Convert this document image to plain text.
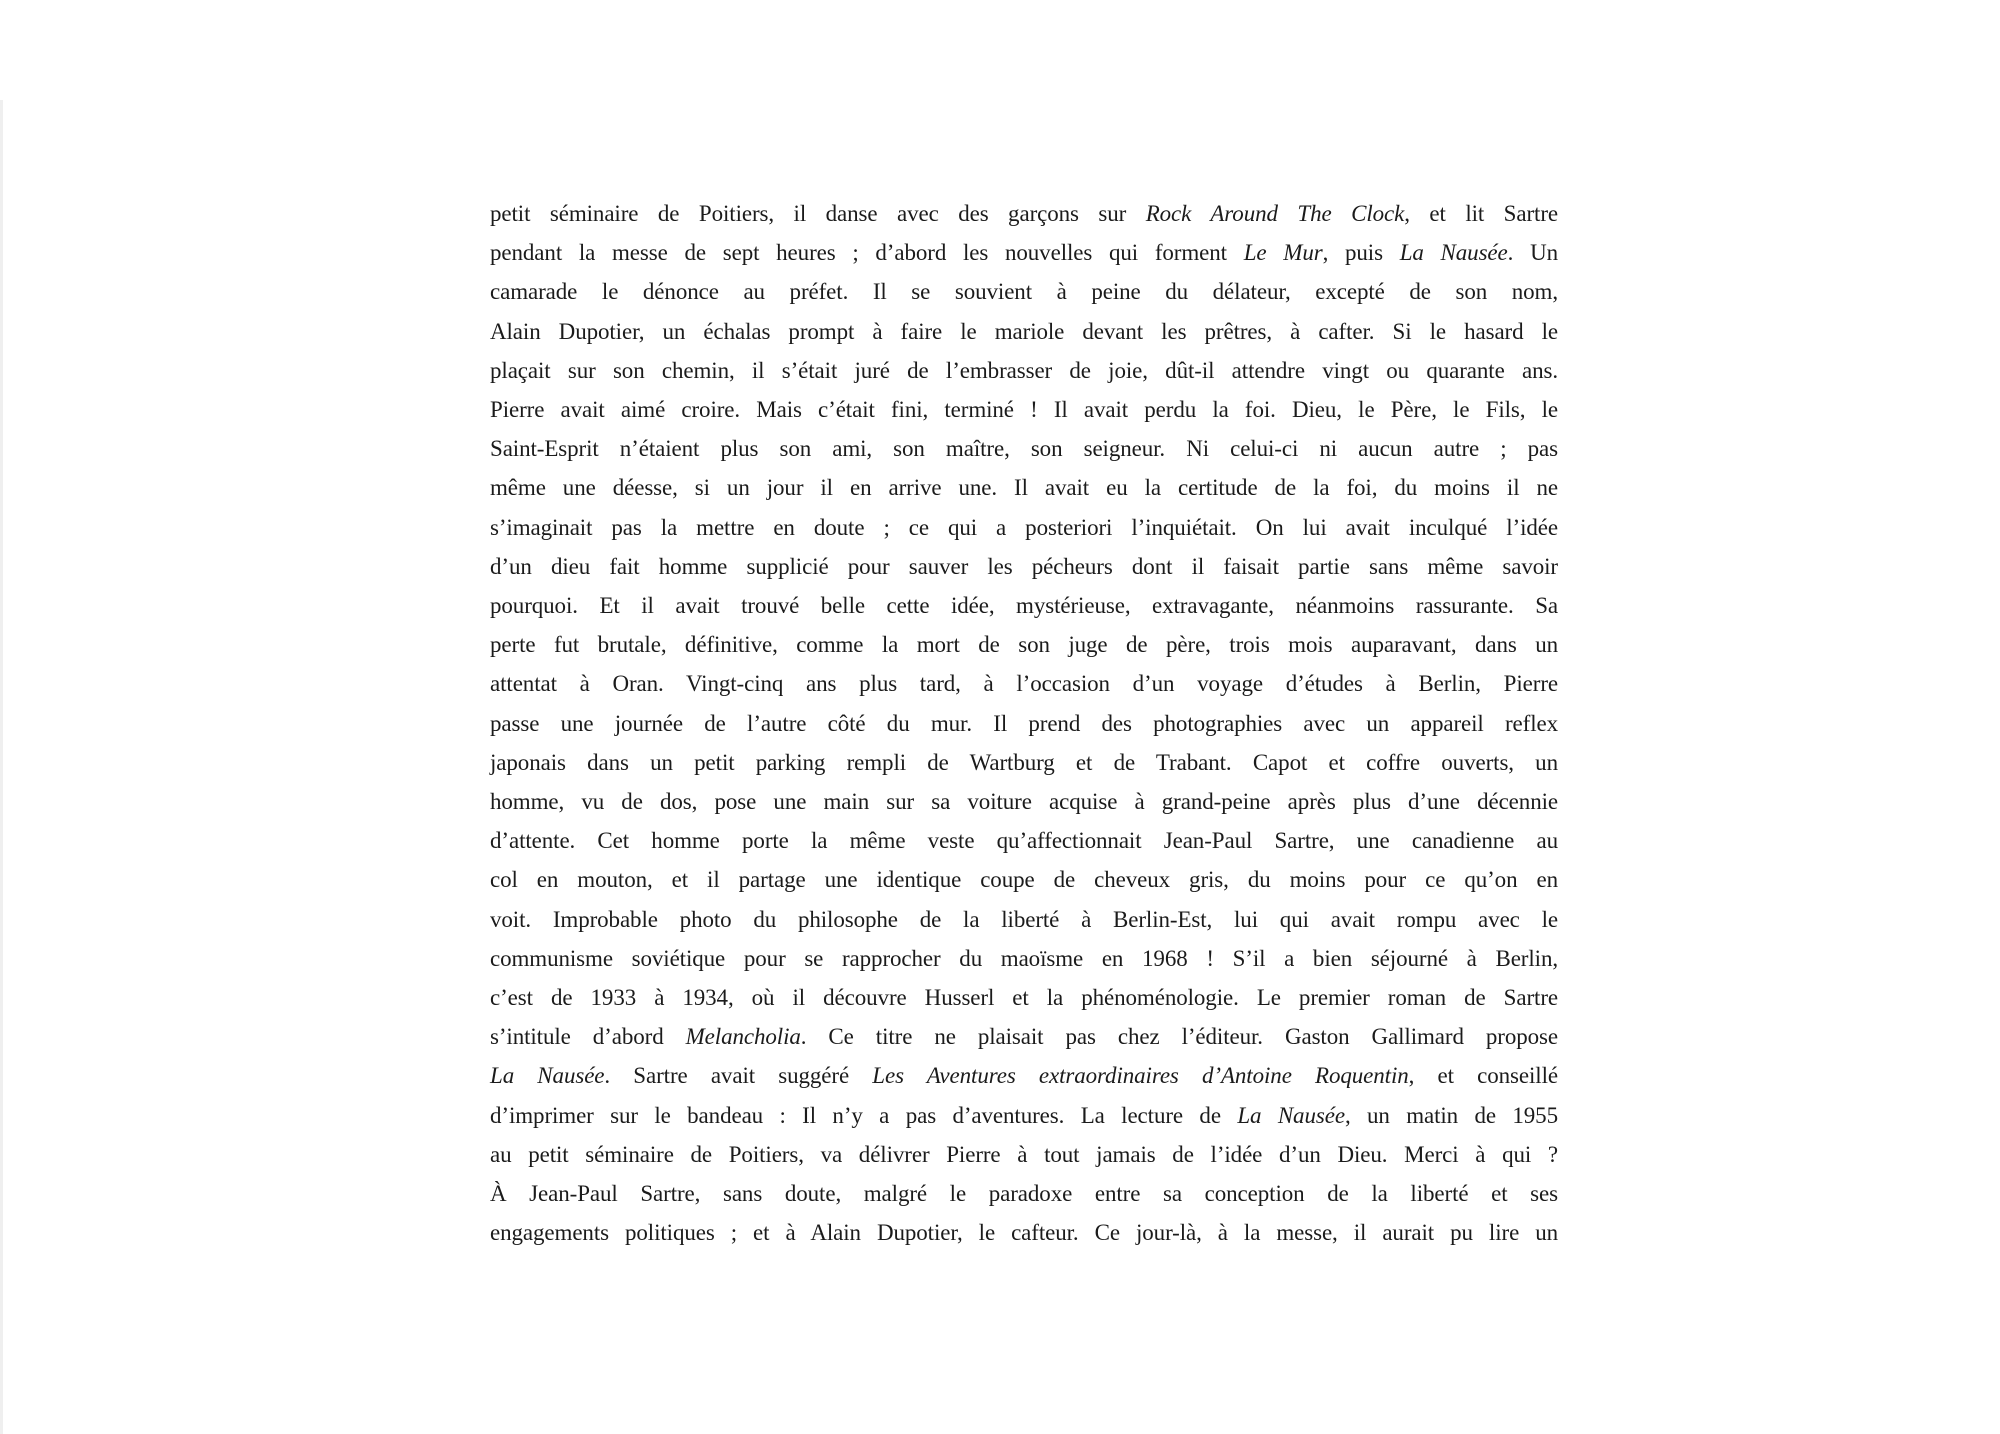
petit séminaire de Poitiers, il danse avec des garçons sur Rock Around The Clock, et lit Sartre
pendant la messe de sept heures ; d’abord les nouvelles qui forment Le Mur, puis La Nausée. Un
camarade le dénonce au préfet. Il se souvient à peine du délateur, excepté de son nom,
Alain Dupotier, un échalas prompt à faire le mariole devant les prêtres, à cafter. Si le hasard le
plaçait sur son chemin, il s’était juré de l’embrasser de joie, dût-il attendre vingt ou quarante ans.
Pierre avait aimé croire. Mais c’était fini, terminé ! Il avait perdu la foi. Dieu, le Père, le Fils, le
Saint-Esprit n’étaient plus son ami, son maître, son seigneur. Ni celui-ci ni aucun autre ; pas
même une déesse, si un jour il en arrive une. Il avait eu la certitude de la foi, du moins il ne
s’imaginait pas la mettre en doute ; ce qui a posteriori l’inquiétait. On lui avait inculqué l’idée
d’un dieu fait homme supplicié pour sauver les pécheurs dont il faisait partie sans même savoir
pourquoi. Et il avait trouvé belle cette idée, mystérieuse, extravagante, néanmoins rassurante. Sa
perte fut brutale, définitive, comme la mort de son juge de père, trois mois auparavant, dans un
attentat à Oran. Vingt-cinq ans plus tard, à l’occasion d’un voyage d’études à Berlin, Pierre
passe une journée de l’autre côté du mur. Il prend des photographies avec un appareil reflex
japonais dans un petit parking rempli de Wartburg et de Trabant. Capot et coffre ouverts, un
homme, vu de dos, pose une main sur sa voiture acquise à grand-peine après plus d’une décennie
d’attente. Cet homme porte la même veste qu’affectionnait Jean-Paul Sartre, une canadienne au
col en mouton, et il partage une identique coupe de cheveux gris, du moins pour ce qu’on en
voit. Improbable photo du philosophe de la liberté à Berlin-Est, lui qui avait rompu avec le
communisme soviétique pour se rapprocher du maoïsme en 1968 ! S’il a bien séjourné à Berlin,
c’est de 1933 à 1934, où il découvre Husserl et la phénoménologie. Le premier roman de Sartre
s’intitule d’abord Melancholia. Ce titre ne plaisait pas chez l’éditeur. Gaston Gallimard propose
La Nausée. Sartre avait suggéré Les Aventures extraordinaires d’Antoine Roquentin, et conseillé
d’imprimer sur le bandeau : Il n’y a pas d’aventures. La lecture de La Nausée, un matin de 1955
au petit séminaire de Poitiers, va délivrer Pierre à tout jamais de l’idée d’un Dieu. Merci à qui ?
À Jean-Paul Sartre, sans doute, malgré le paradoxe entre sa conception de la liberté et ses
engagements politiques ; et à Alain Dupotier, le cafteur. Ce jour-là, à la messe, il aurait pu lire un
